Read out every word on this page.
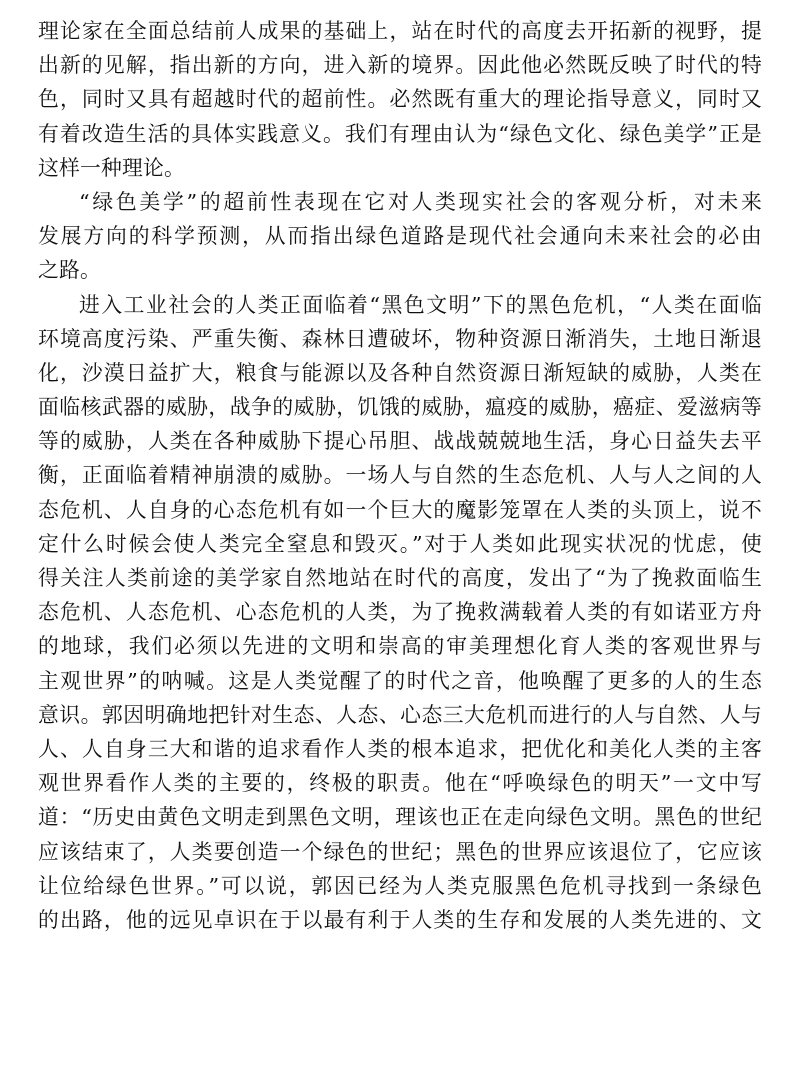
理论家在全面总结前人成果的基础上，站在时代的高度去开拓新的视野，提
出新的见解，指出新的方向，进入新的境界。因此他必然既反映了时代的特
色，同时又具有超越时代的超前性。必然既有重大的理论指导意义，同时又
有着改造生活的具体实践意义。我们有理由认为“绿色文化、绿色美学”正是
这样一种理论。
“绿色美学”的超前性表现在它对人类现实社会的客观分析，对未来
发展方向的科学预测，从而指出绿色道路是现代社会通向未来社会的必由
之路。
进入工业社会的人类正面临着“黑色文明”下的黑色危机，“人类在面临
环境高度污染、严重失衡、森林日遭破坏，物种资源日渐消失，土地日渐退
化，沙漠日益扩大，粮食与能源以及各种自然资源日渐短缺的威胁，人类在
面临核武器的威胁，战争的威胁，饥饿的威胁，瘟疫的威胁，癌症、爱滋病等
等的威胁，人类在各种威胁下提心吊胆、战战兢兢地生活，身心日益失去平
衡，正面临着精神崩溃的威胁。一场人与自然的生态危机、人与人之间的人
态危机、人自身的心态危机有如一个巨大的魔影笼罩在人类的头顶上，说不
定什么时候会使人类完全窒息和毁灭。”对于人类如此现实状况的忧虑，使
得关注人类前途的美学家自然地站在时代的高度，发出了“为了挽救面临生
态危机、人态危机、心态危机的人类，为了挽救满载着人类的有如诺亚方舟
的地球，我们必须以先进的文明和崇高的审美理想化育人类的客观世界与
主观世界”的呐喊。这是人类觉醒了的时代之音，他唤醒了更多的人的生态
意识。郭因明确地把针对生态、人态、心态三大危机而进行的人与自然、人与
人、人自身三大和谐的追求看作人类的根本追求，把优化和美化人类的主客
观世界看作人类的主要的，终极的职责。他在“呼唤绿色的明天”一文中写
道：“历史由黄色文明走到黑色文明，理该也正在走向绿色文明。黑色的世纪
应该结束了，人类要创造一个绿色的世纪；黑色的世界应该退位了，它应该
让位给绿色世界。”可以说，郭因已经为人类克服黑色危机寻找到一条绿色
的出路，他的远见卓识在于以最有利于人类的生存和发展的人类先进的、文
